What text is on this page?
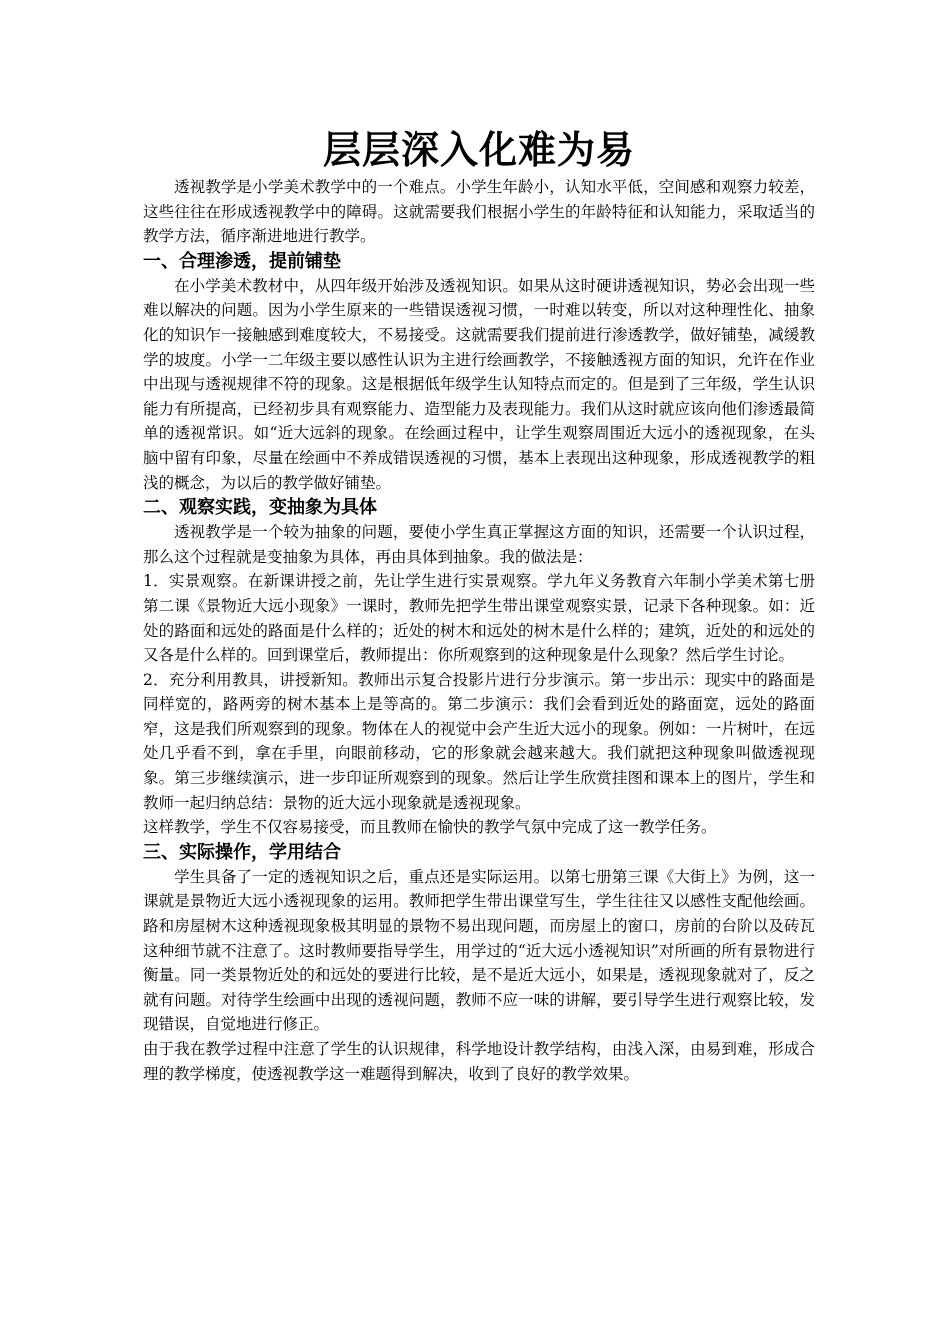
层层深入化难为易

透视教学是小学美术教学中的一个难点。小学生年龄小，认知水平低，空间感和观察力较差，这些往往在形成透视教学中的障碍。这就需要我们根据小学生的年龄特征和认知能力，采取适当的教学方法，循序渐进地进行教学。

一、合理渗透，提前铺垫

在小学美术教材中，从四年级开始涉及透视知识。如果从这时硬讲透视知识，势必会出现一些难以解决的问题。因为小学生原来的一些错误透视习惯，一时难以转变，所以对这种理性化、抽象化的知识乍一接触感到难度较大，不易接受。这就需要我们提前进行渗透教学，做好铺垫，减缓教学的坡度。小学一二年级主要以感性认识为主进行绘画教学，不接触透视方面的知识，允许在作业中出现与透视规律不符的现象。这是根据低年级学生认知特点而定的。但是到了三年级，学生认识能力有所提高，已经初步具有观察能力、造型能力及表现能力。我们从这时就应该向他们渗透最简单的透视常识。如“近大远斜的现象。在绘画过程中，让学生观察周围近大远小的透视现象，在头脑中留有印象，尽量在绘画中不养成错误透视的习惯，基本上表现出这种现象，形成透视教学的粗浅的概念，为以后的教学做好铺垫。

二、观察实践，变抽象为具体

透视教学是一个较为抽象的问题，要使小学生真正掌握这方面的知识，还需要一个认识过程，那么这个过程就是变抽象为具体，再由具体到抽象。我的做法是：

1．实景观察。在新课讲授之前，先让学生进行实景观察。学九年义务教育六年制小学美术第七册第二课《景物近大远小现象》一课时，教师先把学生带出课堂观察实景，记录下各种现象。如：近处的路面和远处的路面是什么样的；近处的树木和远处的树木是什么样的；建筑，近处的和远处的又各是什么样的。回到课堂后，教师提出：你所观察到的这种现象是什么现象？然后学生讨论。

2．充分利用教具，讲授新知。教师出示复合投影片进行分步演示。第一步出示：现实中的路面是同样宽的，路两旁的树木基本上是等高的。第二步演示：我们会看到近处的路面宽，远处的路面窄，这是我们所观察到的现象。物体在人的视觉中会产生近大远小的现象。例如：一片树叶，在远处几乎看不到，拿在手里，向眼前移动，它的形象就会越来越大。我们就把这种现象叫做透视现象。第三步继续演示，进一步印证所观察到的现象。然后让学生欣赏挂图和课本上的图片，学生和教师一起归纳总结：景物的近大远小现象就是透视现象。

这样教学，学生不仅容易接受，而且教师在愉快的教学气氛中完成了这一教学任务。

三、实际操作，学用结合

学生具备了一定的透视知识之后，重点还是实际运用。以第七册第三课《大街上》为例，这一课就是景物近大远小透视现象的运用。教师把学生带出课堂写生，学生往往又以感性支配他绘画。路和房屋树木这种透视现象极其明显的景物不易出现问题，而房屋上的窗口，房前的台阶以及砖瓦这种细节就不注意了。这时教师要指导学生，用学过的“近大远小透视知识”对所画的所有景物进行衡量。同一类景物近处的和远处的要进行比较，是不是近大远小，如果是，透视现象就对了，反之就有问题。对待学生绘画中出现的透视问题，教师不应一味的讲解，要引导学生进行观察比较，发现错误，自觉地进行修正。

由于我在教学过程中注意了学生的认识规律，科学地设计教学结构，由浅入深，由易到难，形成合理的教学梯度，使透视教学这一难题得到解决，收到了良好的教学效果。
